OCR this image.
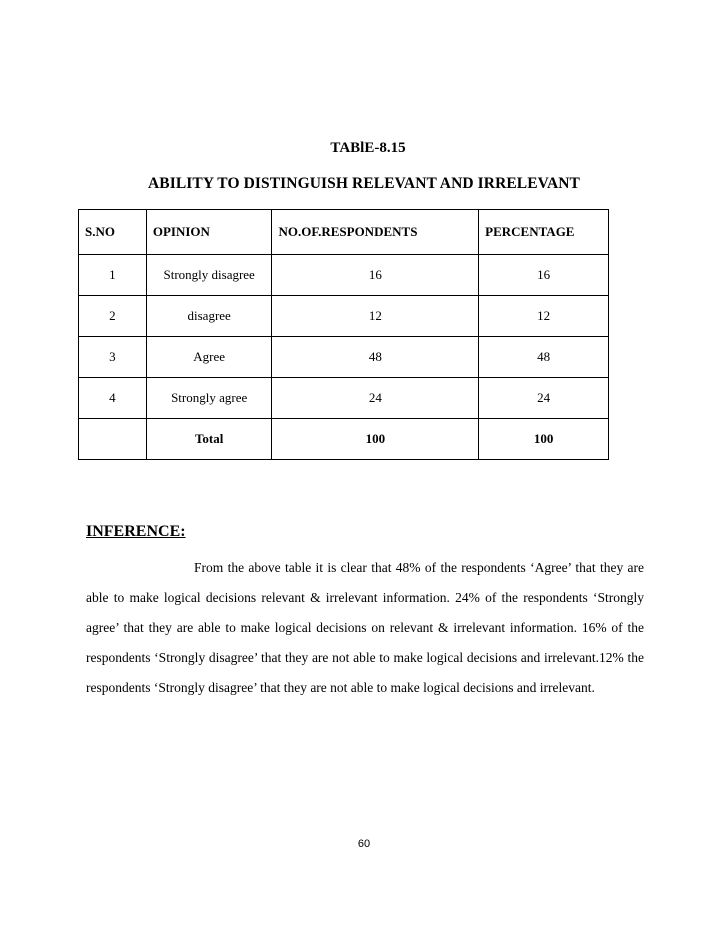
TABlE-8.15
ABILITY TO DISTINGUISH RELEVANT AND IRRELEVANT
S.NO	OPINION	NO.OF.RESPONDENTS	PERCENTAGE
1	Strongly disagree	16	16
2	disagree	12	12
3	Agree	48	48
4	Strongly agree	24	24
	Total	100	100
INFERENCE:

From the above table it is clear that 48% of the respondents ‘Agree’ that they are able to make logical decisions relevant & irrelevant information. 24% of the respondents ‘Strongly agree’ that they are able to make logical decisions on relevant & irrelevant information. 16% of the respondents ‘Strongly disagree’ that they are not able to make logical decisions and irrelevant.12% the respondents ‘Strongly disagree’ that they are not able to make logical decisions and irrelevant.

60
